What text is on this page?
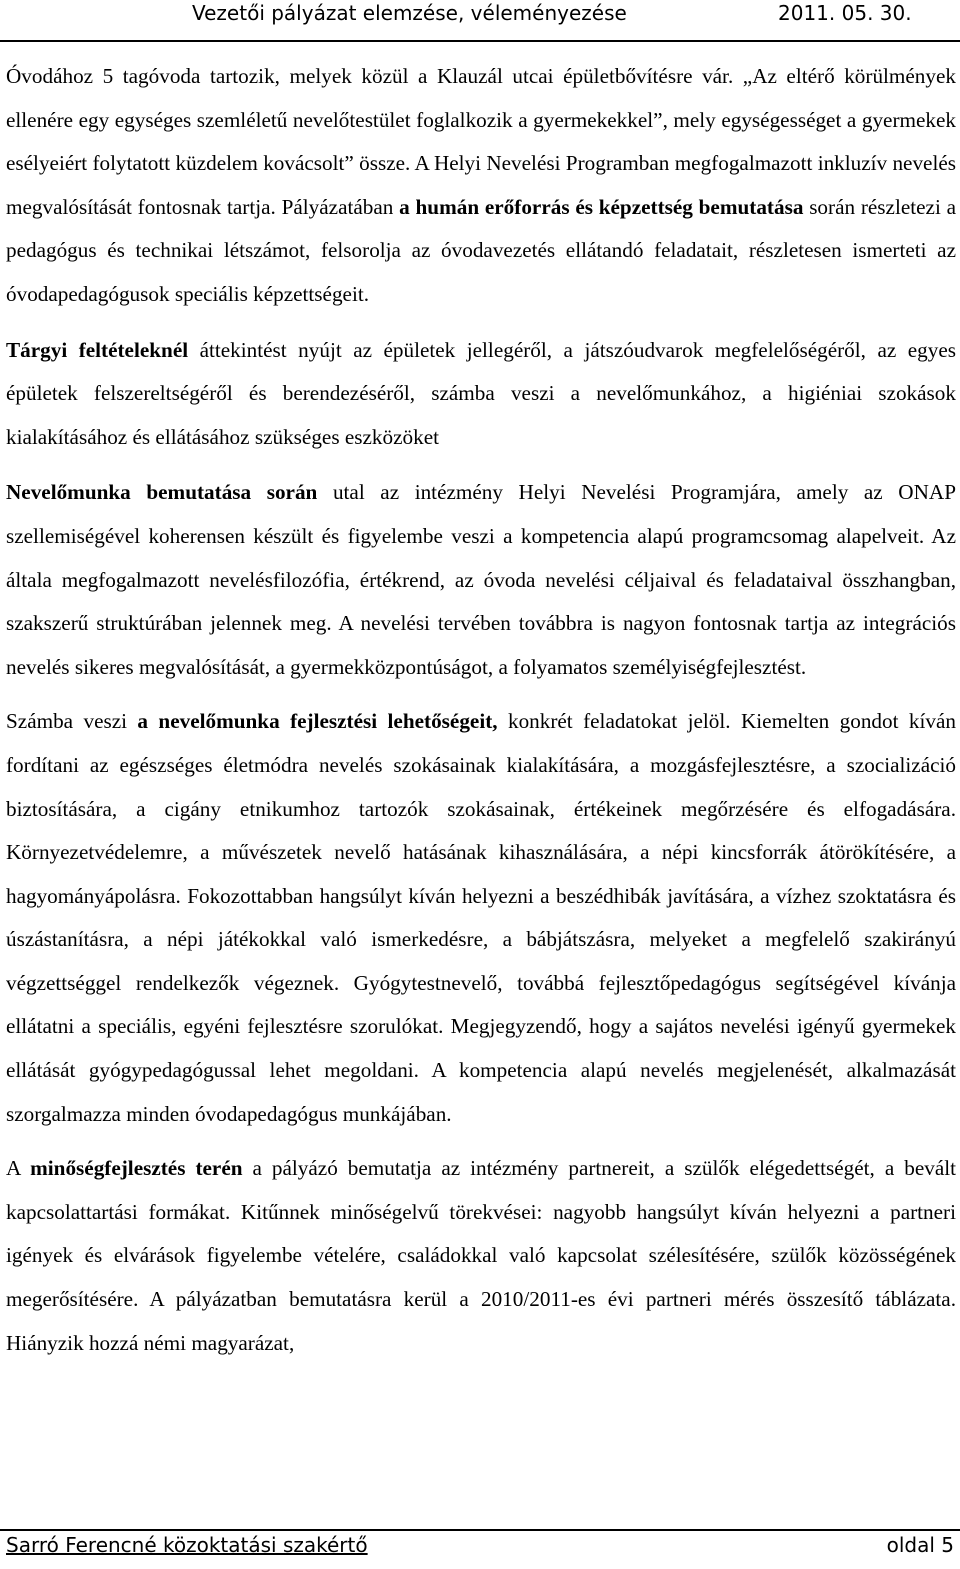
Vezetői pályázat elemzése, véleményezése	2011. 05. 30.

Óvodához 5 tagóvoda tartozik, melyek közül a Klauzál utcai épületbővítésre vár. „Az eltérő körülmények ellenére egy egységes szemléletű nevelőtestület foglalkozik a gyermekekkel”, mely egységességet a gyermekek esélyeiért folytatott küzdelem kovácsolt” össze. A Helyi Nevelési Programban megfogalmazott inkluzív nevelés megvalósítását fontosnak tartja. Pályázatában a humán erőforrás és képzettség bemutatása során részletezi a pedagógus és technikai létszámot, felsorolja az óvodavezetés ellátandó feladatait, részletesen ismerteti az óvodapedagógusok speciális képzettségeit.

Tárgyi feltételeknél áttekintést nyújt az épületek jellegéről, a játszóudvarok megfelelőségéről, az egyes épületek felszereltségéről és berendezéséről, számba veszi a nevelőmunkához, a higiéniai szokások kialakításához és ellátásához szükséges eszközöket

Nevelőmunka bemutatása során utal az intézmény Helyi Nevelési Programjára, amely az ONAP szellemiségével koherensen készült és figyelembe veszi a kompetencia alapú programcsomag alapelveit. Az általa megfogalmazott nevelésfilozófia, értékrend, az óvoda nevelési céljaival és feladataival összhangban, szakszerű struktúrában jelennek meg. A nevelési tervében továbbra is nagyon fontosnak tartja az integrációs nevelés sikeres megvalósítását, a gyermekközpontúságot, a folyamatos személyiségfejlesztést.

Számba veszi a nevelőmunka fejlesztési lehetőségeit, konkrét feladatokat jelöl. Kiemelten gondot kíván fordítani az egészséges életmódra nevelés szokásainak kialakítására, a mozgásfejlesztésre, a szocializáció biztosítására, a cigány etnikumhoz tartozók szokásainak, értékeinek megőrzésére és elfogadására. Környezetvédelemre, a művészetek nevelő hatásának kihasználására, a népi kincsforrák átörökítésére, a hagyományápolásra. Fokozottabban hangsúlyt kíván helyezni a beszédhibák javítására, a vízhez szoktatásra és úszástanításra, a népi játékokkal való ismerkedésre, a bábjátszásra, melyeket a megfelelő szakirányú végzettséggel rendelkezők végeznek. Gyógytestnevelő, továbbá fejlesztőpedagógus segítségével kívánja ellátatni a speciális, egyéni fejlesztésre szorulókat. Megjegyzendő, hogy a sajátos nevelési igényű gyermekek ellátását gyógypedagógussal lehet megoldani. A kompetencia alapú nevelés megjelenését, alkalmazását szorgalmazza minden óvodapedagógus munkájában.

A minőségfejlesztés terén a pályázó bemutatja az intézmény partnereit, a szülők elégedettségét, a bevált kapcsolattartási formákat. Kitűnnek minőségelvű törekvései: nagyobb hangsúlyt kíván helyezni a partneri igények és elvárások figyelembe vételére, családokkal való kapcsolat szélesítésére, szülők közösségének megerősítésére. A pályázatban bemutatásra kerül a 2010/2011-es évi partneri mérés összesítő táblázata. Hiányzik hozzá némi magyarázat,

Sarró Ferencné közoktatási szakértő	oldal 5
